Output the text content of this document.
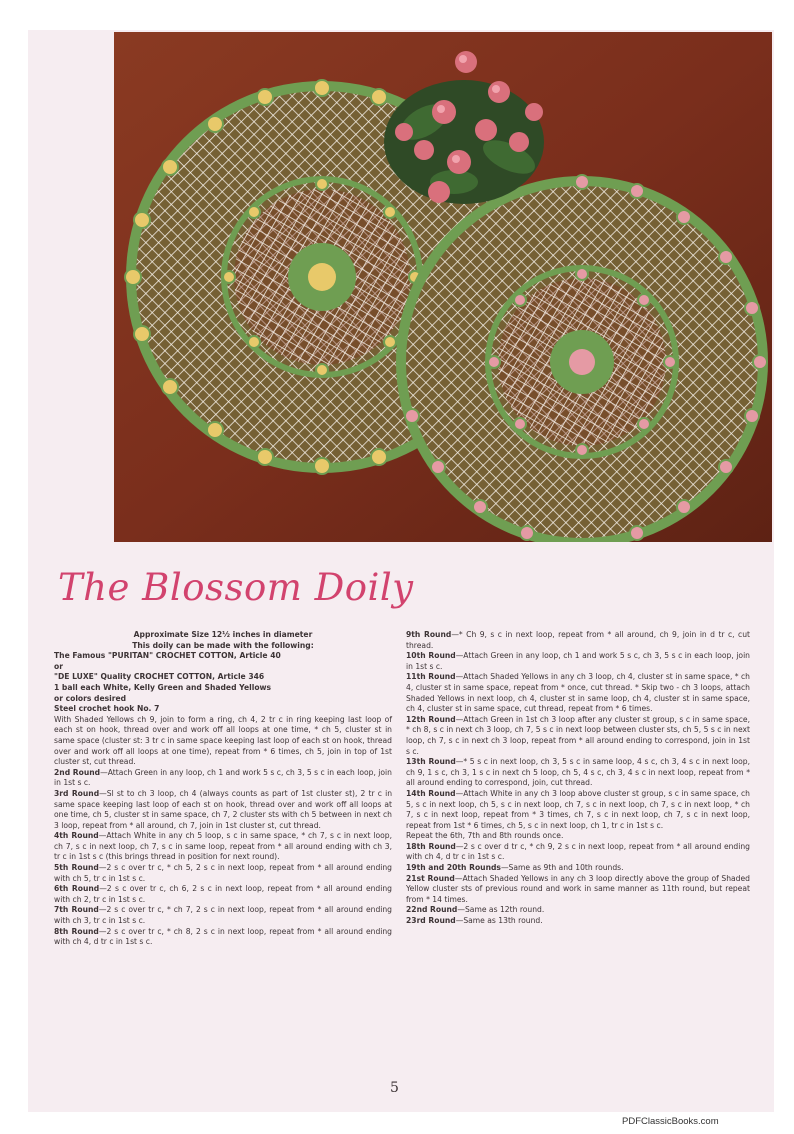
The Blossom Doily

Approximate Size 12½ inches in diameter
This doily can be made with the following:
The Famous "PURITAN" CROCHET COTTON, Article 40
or
"DE LUXE" Quality CROCHET COTTON, Article 346
1 ball each White, Kelly Green and Shaded Yellows
or colors desired
Steel crochet hook No. 7

With Shaded Yellows ch 9, join to form a ring, ch 4, 2 tr c in ring keeping last loop of each st on hook, thread over and work off all loops at one time, * ch 5, cluster st in same space (cluster st: 3 tr c in same space keeping last loop of each st on hook, thread over and work off all loops at one time), repeat from * 6 times, ch 5, join in top of 1st cluster st, cut thread.

2nd Round—Attach Green in any loop, ch 1 and work 5 s c, ch 3, 5 s c in each loop, join in 1st s c.

3rd Round—Sl st to ch 3 loop, ch 4 (always counts as part of 1st cluster st), 2 tr c in same space keeping last loop of each st on hook, thread over and work off all loops at one time, ch 5, cluster st in same space, ch 7, 2 cluster sts with ch 5 between in next ch 3 loop, repeat from * all around, ch 7, join in 1st cluster st, cut thread.

4th Round—Attach White in any ch 5 loop, s c in same space, * ch 7, s c in next loop, ch 7, s c in next loop, ch 7, s c in same loop, repeat from * all around ending with ch 3, tr c in 1st s c (this brings thread in position for next round).

5th Round—2 s c over tr c, * ch 5, 2 s c in next loop, repeat from * all around ending with ch 5, tr c in 1st s c.

6th Round—2 s c over tr c, ch 6, 2 s c in next loop, repeat from * all around ending with ch 2, tr c in 1st s c.

7th Round—2 s c over tr c, * ch 7, 2 s c in next loop, repeat from * all around ending with ch 3, tr c in 1st s c.

8th Round—2 s c over tr c, * ch 8, 2 s c in next loop, repeat from * all around ending with ch 4, d tr c in 1st s c.

9th Round—* Ch 9, s c in next loop, repeat from * all around, ch 9, join in d tr c, cut thread.

10th Round—Attach Green in any loop, ch 1 and work 5 s c, ch 3, 5 s c in each loop, join in 1st s c.

11th Round—Attach Shaded Yellows in any ch 3 loop, ch 4, cluster st in same space, * ch 4, cluster st in same space, repeat from * once, cut thread. * Skip two - ch 3 loops, attach Shaded Yellows in next loop, ch 4, cluster st in same loop, ch 4, cluster st in same space, ch 4, cluster st in same space, cut thread, repeat from * 6 times.

12th Round—Attach Green in 1st ch 3 loop after any cluster st group, s c in same space, * ch 8, s c in next ch 3 loop, ch 7, 5 s c in next loop between cluster sts, ch 5, 5 s c in next loop, ch 7, s c in next ch 3 loop, repeat from * all around ending to correspond, join in 1st s c.

13th Round—* 5 s c in next loop, ch 3, 5 s c in same loop, 4 s c, ch 3, 4 s c in next loop, ch 9, 1 s c, ch 3, 1 s c in next ch 5 loop, ch 5, 4 s c, ch 3, 4 s c in next loop, repeat from * all around ending to correspond, join, cut thread.

14th Round—Attach White in any ch 3 loop above cluster st group, s c in same space, ch 5, s c in next loop, ch 5, s c in next loop, ch 7, s c in next loop, ch 7, s c in next loop, * ch 7, s c in next loop, repeat from * 3 times, ch 7, s c in next loop, ch 7, s c in next loop, repeat from 1st * 6 times, ch 5, s c in next loop, ch 1, tr c in 1st s c.

Repeat the 6th, 7th and 8th rounds once.

18th Round—2 s c over d tr c, * ch 9, 2 s c in next loop, repeat from * all around ending with ch 4, d tr c in 1st s c.

19th and 20th Rounds—Same as 9th and 10th rounds.

21st Round—Attach Shaded Yellows in any ch 3 loop directly above the group of Shaded Yellow cluster sts of previous round and work in same manner as 11th round, but repeat from * 14 times.

22nd Round—Same as 12th round.

23rd Round—Same as 13th round.

5
PDFClassicBooks.com
